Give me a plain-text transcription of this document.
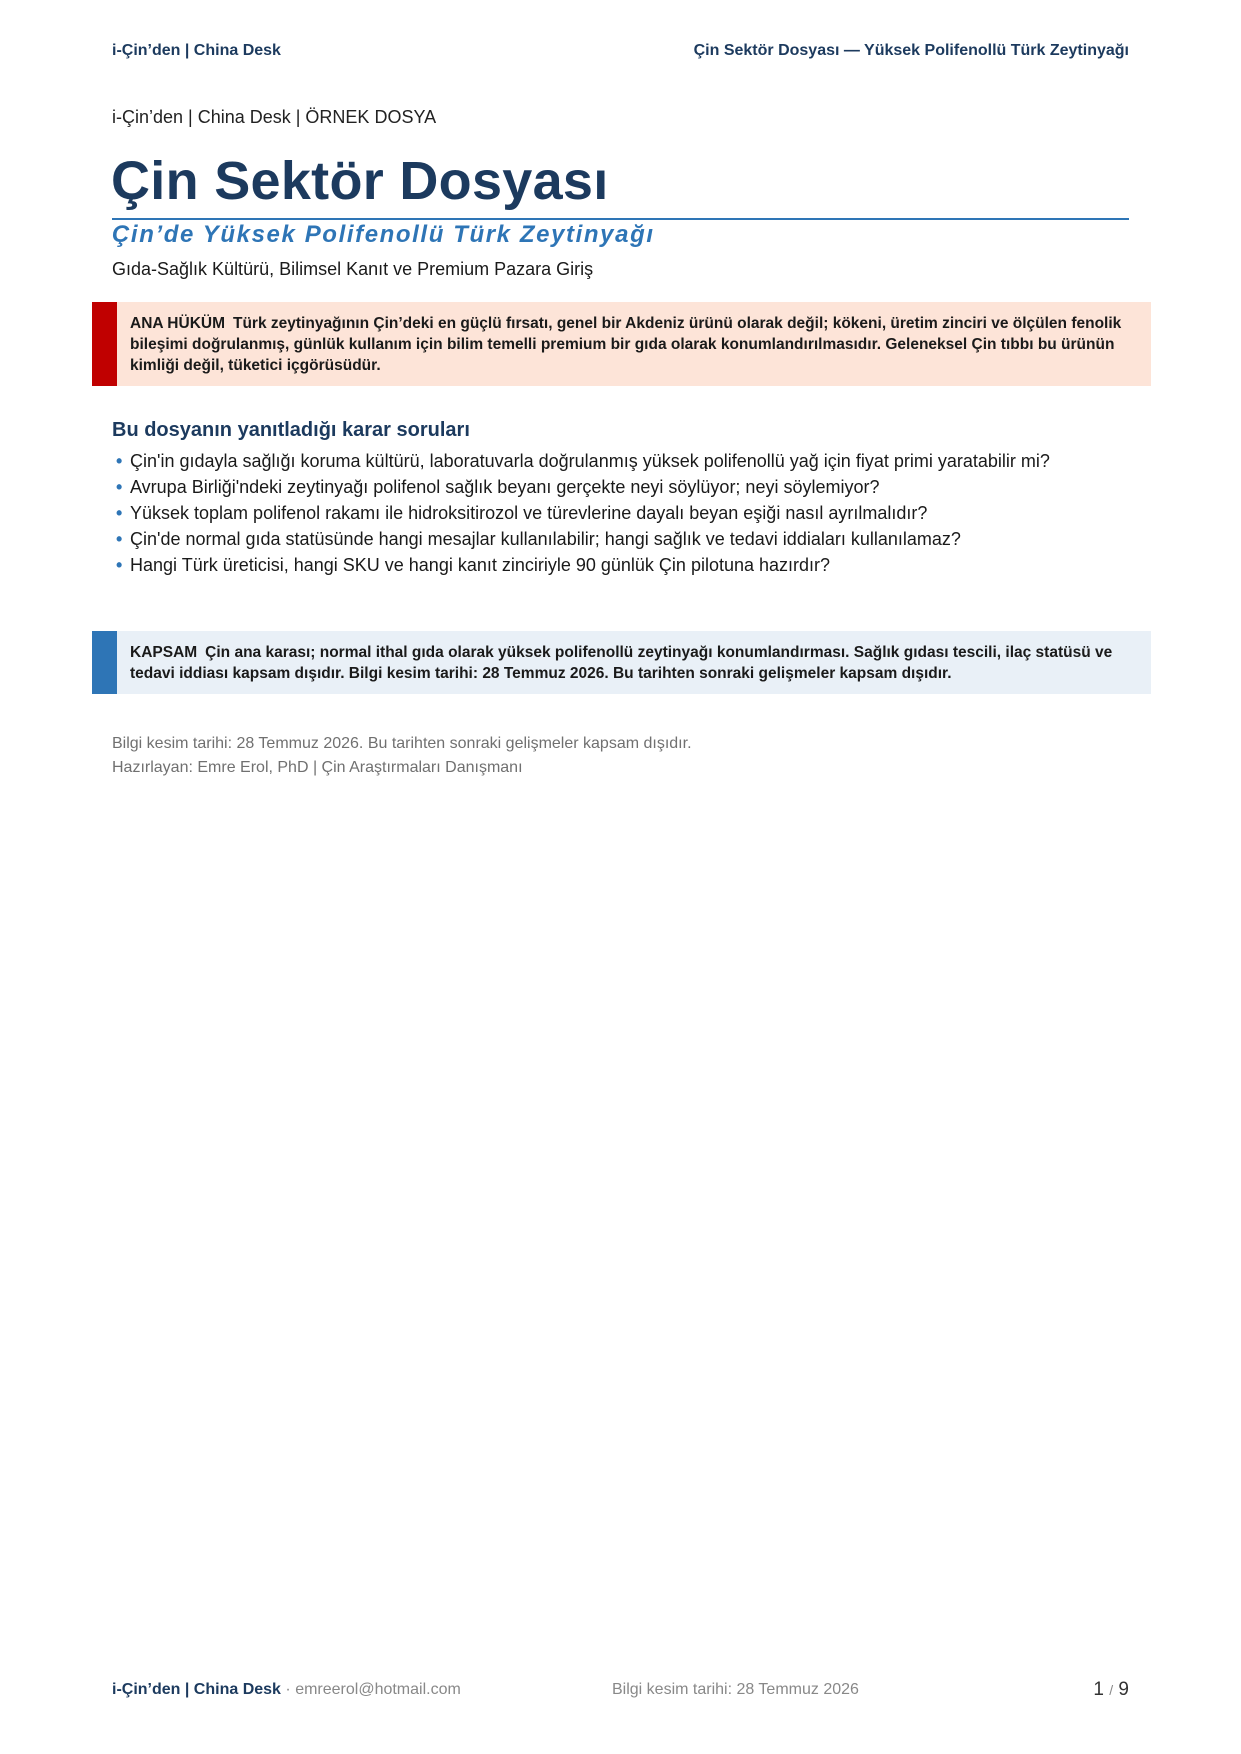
i-Çin’den | China Desk	Çin Sektör Dosyası — Yüksek Polifenollü Türk Zeytinyağı
i-Çin’den | China Desk | ÖRNEK DOSYA
Çin Sektör Dosyası
Çin’de Yüksek Polifenollü Türk Zeytinyağı
Gıda-Sağlık Kültürü, Bilimsel Kanıt ve Premium Pazara Giriş
ANA HÜKÜM Türk zeytinyağının Çin’deki en güçlü fırsatı, genel bir Akdeniz ürünü olarak değil; kökeni, üretim zinciri ve ölçülen fenolik bileşimi doğrulanmış, günlük kullanım için bilim temelli premium bir gıda olarak konumlandırılmasıdır. Geleneksel Çin tıbbı bu ürünün kimliği değil, tüketici içgörüsüdür.
Bu dosyanın yanıtladığı karar soruları
• Çin'in gıdayla sağlığı koruma kültürü, laboratuvarla doğrulanmış yüksek polifenollü yağ için fiyat primi yaratabilir mi?
• Avrupa Birliği'ndeki zeytinyağı polifenol sağlık beyanı gerçekte neyi söylüyor; neyi söylemiyor?
• Yüksek toplam polifenol rakamı ile hidroksitirozol ve türevlerine dayalı beyan eşiği nasıl ayrılmalıdır?
• Çin'de normal gıda statüsünde hangi mesajlar kullanılabilir; hangi sağlık ve tedavi iddiaları kullanılamaz?
• Hangi Türk üreticisi, hangi SKU ve hangi kanıt zinciriyle 90 günlük Çin pilotuna hazırdır?
KAPSAM Çin ana karası; normal ithal gıda olarak yüksek polifenollü zeytinyağı konumlandırması. Sağlık gıdası tescili, ilaç statüsü ve tedavi iddiası kapsam dışıdır. Bilgi kesim tarihi: 28 Temmuz 2026. Bu tarihten sonraki gelişmeler kapsam dışıdır.
Bilgi kesim tarihi: 28 Temmuz 2026. Bu tarihten sonraki gelişmeler kapsam dışıdır.
Hazırlayan: Emre Erol, PhD | Çin Araştırmaları Danışmanı
i-Çin’den | China Desk · emreerol@hotmail.com	Bilgi kesim tarihi: 28 Temmuz 2026	1 / 9
